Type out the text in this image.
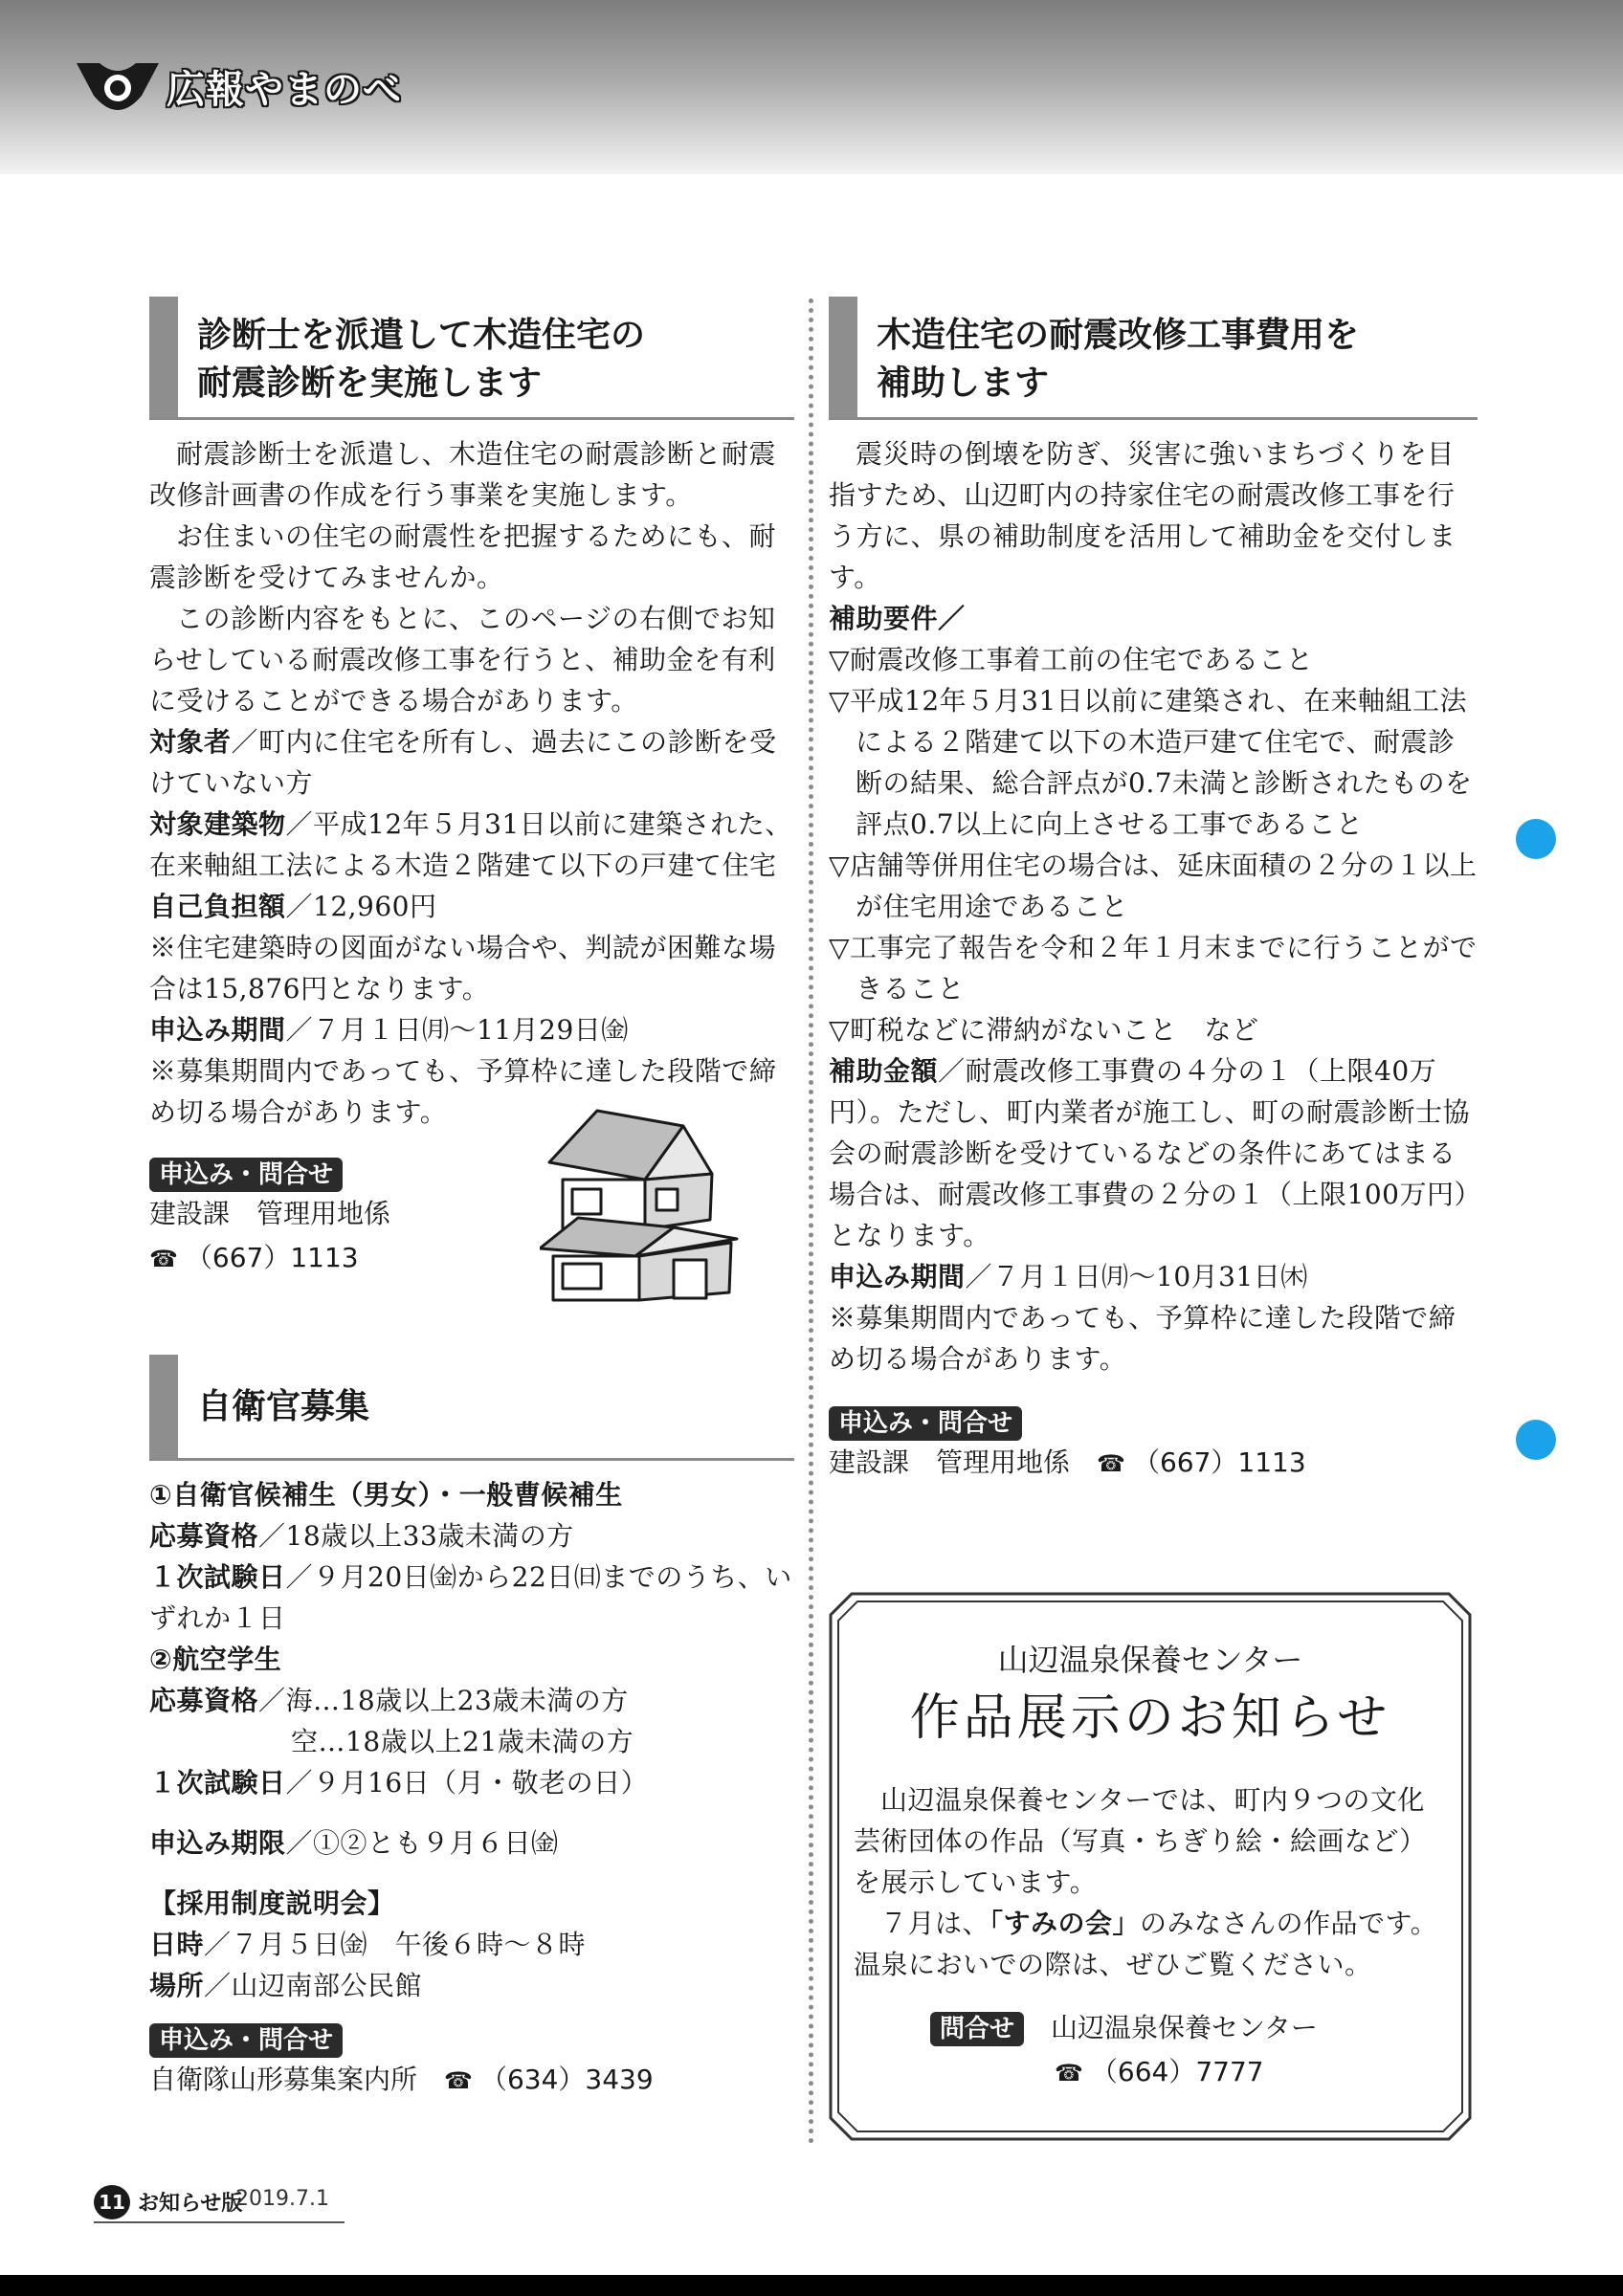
広報やまのべ
診断士を派遣して木造住宅の
耐震診断を実施します

耐震診断士を派遣し、木造住宅の耐震診断と耐震改修計画書の作成を行う事業を実施します。

お住まいの住宅の耐震性を把握するためにも、耐震診断を受けてみませんか。

この診断内容をもとに、このページの右側でお知らせしている耐震改修工事を行うと、補助金を有利に受けることができる場合があります。

対象者／町内に住宅を所有し、過去にこの診断を受けていない方

対象建築物／平成12年５月31日以前に建築された、在来軸組工法による木造２階建て以下の戸建て住宅

自己負担額／12,960円

※住宅建築時の図面がない場合や、判読が困難な場合は15,876円となります。

申込み期間／７月１日㈪〜11月29日㈮

※募集期間内であっても、予算枠に達した段階で締め切る場合があります。

申込み・問合せ
建設課　管理用地係
☎ （667）1113
自衛官募集

①自衛官候補生（男女）・一般曹候補生

応募資格／18歳以上33歳未満の方

１次試験日／９月20日㈮から22日㈰までのうち、いずれか１日

②航空学生

応募資格／海…18歳以上23歳未満の方

空…18歳以上21歳未満の方

１次試験日／９月16日（月・敬老の日）

申込み期限／①②とも９月６日㈮

【採用制度説明会】

日時／７月５日㈮　午後６時〜８時

場所／山辺南部公民館

申込み・問合せ
自衛隊山形募集案内所　 ☎ （634）3439
木造住宅の耐震改修工事費用を
補助します

震災時の倒壊を防ぎ、災害に強いまちづくりを目指すため、山辺町内の持家住宅の耐震改修工事を行う方に、県の補助制度を活用して補助金を交付します。

補助要件／

▽耐震改修工事着工前の住宅であること

▽平成12年５月31日以前に建築され、在来軸組工法による２階建て以下の木造戸建て住宅で、耐震診断の結果、総合評点が0.7未満と診断されたものを評点0.7以上に向上させる工事であること

▽店舗等併用住宅の場合は、延床面積の２分の１以上が住宅用途であること

▽工事完了報告を令和２年１月末までに行うことができること

▽町税などに滞納がないこと　など

補助金額／耐震改修工事費の４分の１（上限40万円）。ただし、町内業者が施工し、町の耐震診断士協会の耐震診断を受けているなどの条件にあてはまる場合は、耐震改修工事費の２分の１（上限100万円）となります。

申込み期間／７月１日㈪〜10月31日㈭

※募集期間内であっても、予算枠に達した段階で締め切る場合があります。

申込み・問合せ
建設課　管理用地係　 ☎ （667）1113
山辺温泉保養センター
作品展示のお知らせ

山辺温泉保養センターでは、町内９つの文化芸術団体の作品（写真・ちぎり絵・絵画など）を展示しています。

７月は、「すみの会」のみなさんの作品です。温泉においでの際は、ぜひご覧ください。

問合せ　 山辺温泉保養センター
☎ （664）7777
11 お知らせ版
2019.7.1
